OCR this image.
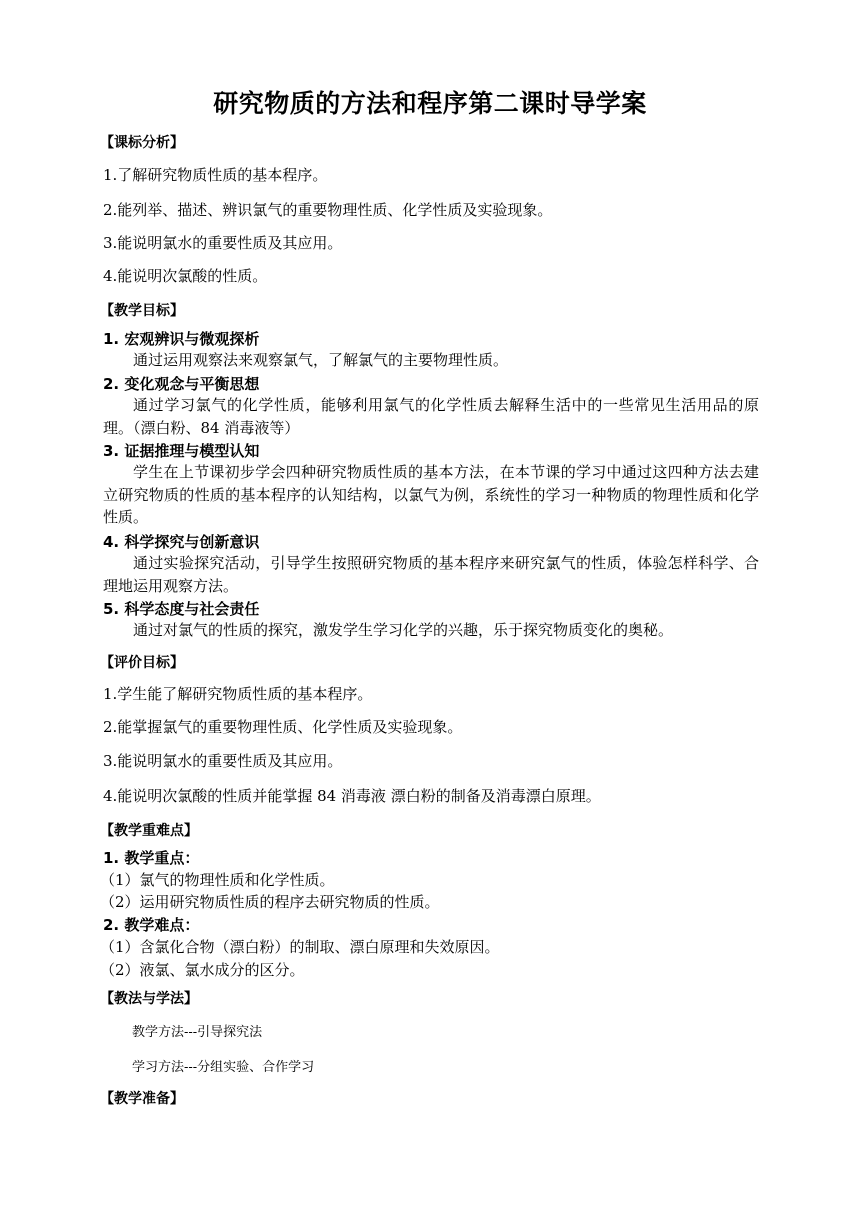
研究物质的方法和程序第二课时导学案
【课标分析】
1.了解研究物质性质的基本程序。
2.能列举、描述、辨识氯气的重要物理性质、化学性质及实验现象。
3.能说明氯水的重要性质及其应用。
4.能说明次氯酸的性质。
【教学目标】
1. 宏观辨识与微观探析
通过运用观察法来观察氯气，了解氯气的主要物理性质。
2. 变化观念与平衡思想
通过学习氯气的化学性质，能够利用氯气的化学性质去解释生活中的一些常见生活用品的原理。（漂白粉、84 消毒液等）
3. 证据推理与模型认知
学生在上节课初步学会四种研究物质性质的基本方法，在本节课的学习中通过这四种方法去建立研究物质的性质的基本程序的认知结构，以氯气为例，系统性的学习一种物质的物理性质和化学性质。
4. 科学探究与创新意识
通过实验探究活动，引导学生按照研究物质的基本程序来研究氯气的性质，体验怎样科学、合理地运用观察方法。
5. 科学态度与社会责任
通过对氯气的性质的探究，激发学生学习化学的兴趣，乐于探究物质变化的奥秘。
【评价目标】
1.学生能了解研究物质性质的基本程序。
2.能掌握氯气的重要物理性质、化学性质及实验现象。
3.能说明氯水的重要性质及其应用。
4.能说明次氯酸的性质并能掌握 84 消毒液 漂白粉的制备及消毒漂白原理。
【教学重难点】
1. 教学重点：
（1）氯气的物理性质和化学性质。
（2）运用研究物质性质的程序去研究物质的性质。
2. 教学难点：
（1）含氯化合物（漂白粉）的制取、漂白原理和失效原因。
（2）液氯、氯水成分的区分。
【教法与学法】
教学方法---引导探究法
学习方法---分组实验、合作学习
【教学准备】
